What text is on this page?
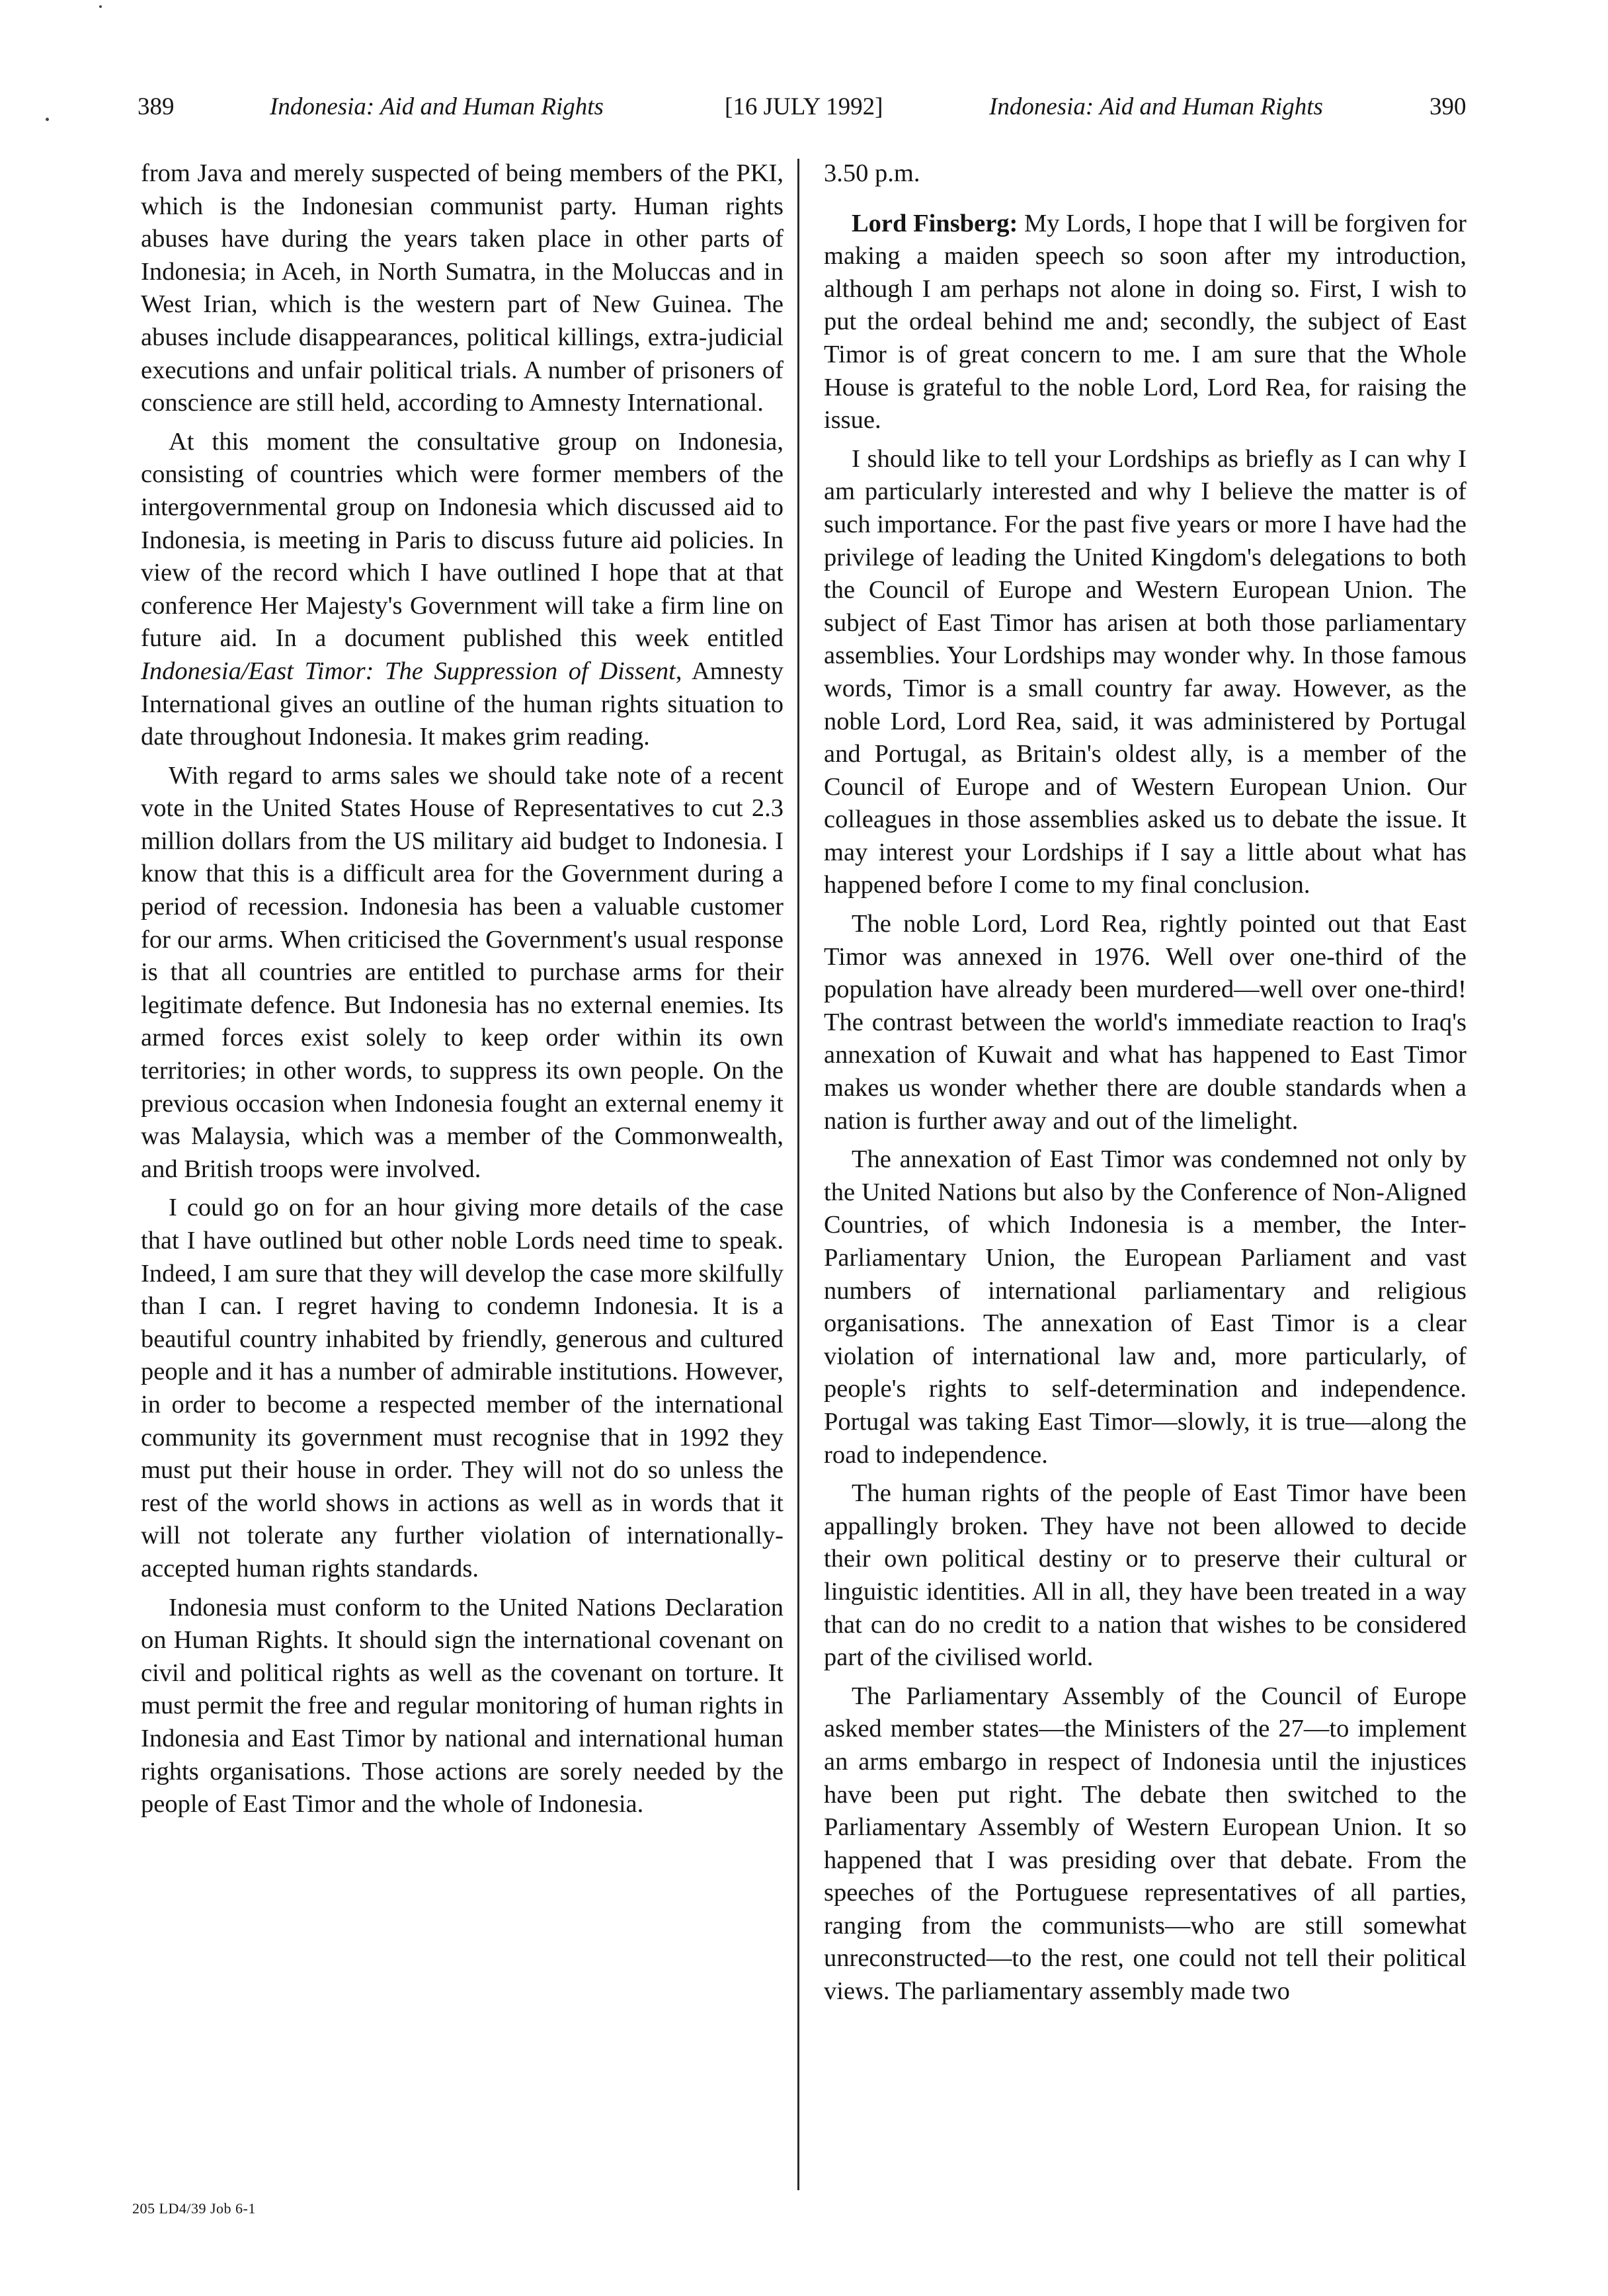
389	Indonesia: Aid and Human Rights	[16 JULY 1992]	Indonesia: Aid and Human Rights	390

from Java and merely suspected of being members of the PKI, which is the Indonesian communist party. Human rights abuses have during the years taken place in other parts of Indonesia; in Aceh, in North Sumatra, in the Moluccas and in West Irian, which is the western part of New Guinea. The abuses include disappearances, political killings, extra-judicial executions and unfair political trials. A number of prisoners of conscience are still held, according to Amnesty International.

At this moment the consultative group on Indonesia, consisting of countries which were former members of the intergovernmental group on Indonesia which discussed aid to Indonesia, is meeting in Paris to discuss future aid policies. In view of the record which I have outlined I hope that at that conference Her Majesty's Government will take a firm line on future aid. In a document published this week entitled Indonesia/East Timor: The Suppression of Dissent, Amnesty International gives an outline of the human rights situation to date throughout Indonesia. It makes grim reading.

With regard to arms sales we should take note of a recent vote in the United States House of Representatives to cut 2.3 million dollars from the US military aid budget to Indonesia. I know that this is a difficult area for the Government during a period of recession. Indonesia has been a valuable customer for our arms. When criticised the Government's usual response is that all countries are entitled to purchase arms for their legitimate defence. But Indonesia has no external enemies. Its armed forces exist solely to keep order within its own territories; in other words, to suppress its own people. On the previous occasion when Indonesia fought an external enemy it was Malaysia, which was a member of the Commonwealth, and British troops were involved.

I could go on for an hour giving more details of the case that I have outlined but other noble Lords need time to speak. Indeed, I am sure that they will develop the case more skilfully than I can. I regret having to condemn Indonesia. It is a beautiful country inhabited by friendly, generous and cultured people and it has a number of admirable institutions. However, in order to become a respected member of the international community its government must recognise that in 1992 they must put their house in order. They will not do so unless the rest of the world shows in actions as well as in words that it will not tolerate any further violation of internationally-accepted human rights standards.

Indonesia must conform to the United Nations Declaration on Human Rights. It should sign the international covenant on civil and political rights as well as the covenant on torture. It must permit the free and regular monitoring of human rights in Indonesia and East Timor by national and international human rights organisations. Those actions are sorely needed by the people of East Timor and the whole of Indonesia.

3.50 p.m.

Lord Finsberg: My Lords, I hope that I will be forgiven for making a maiden speech so soon after my introduction, although I am perhaps not alone in doing so. First, I wish to put the ordeal behind me and; secondly, the subject of East Timor is of great concern to me. I am sure that the Whole House is grateful to the noble Lord, Lord Rea, for raising the issue.

I should like to tell your Lordships as briefly as I can why I am particularly interested and why I believe the matter is of such importance. For the past five years or more I have had the privilege of leading the United Kingdom's delegations to both the Council of Europe and Western European Union. The subject of East Timor has arisen at both those parliamentary assemblies. Your Lordships may wonder why. In those famous words, Timor is a small country far away. However, as the noble Lord, Lord Rea, said, it was administered by Portugal and Portugal, as Britain's oldest ally, is a member of the Council of Europe and of Western European Union. Our colleagues in those assemblies asked us to debate the issue. It may interest your Lordships if I say a little about what has happened before I come to my final conclusion.

The noble Lord, Lord Rea, rightly pointed out that East Timor was annexed in 1976. Well over one-third of the population have already been murdered—well over one-third! The contrast between the world's immediate reaction to Iraq's annexation of Kuwait and what has happened to East Timor makes us wonder whether there are double standards when a nation is further away and out of the limelight.

The annexation of East Timor was condemned not only by the United Nations but also by the Conference of Non-Aligned Countries, of which Indonesia is a member, the Inter-Parliamentary Union, the European Parliament and vast numbers of international parliamentary and religious organisations. The annexation of East Timor is a clear violation of international law and, more particularly, of people's rights to self-determination and independence. Portugal was taking East Timor—slowly, it is true—along the road to independence.

The human rights of the people of East Timor have been appallingly broken. They have not been allowed to decide their own political destiny or to preserve their cultural or linguistic identities. All in all, they have been treated in a way that can do no credit to a nation that wishes to be considered part of the civilised world.

The Parliamentary Assembly of the Council of Europe asked member states—the Ministers of the 27—to implement an arms embargo in respect of Indonesia until the injustices have been put right. The debate then switched to the Parliamentary Assembly of Western European Union. It so happened that I was presiding over that debate. From the speeches of the Portuguese representatives of all parties, ranging from the communists—who are still somewhat unreconstructed—to the rest, one could not tell their political views. The parliamentary assembly made two

205 LD4/39 Job 6-1
